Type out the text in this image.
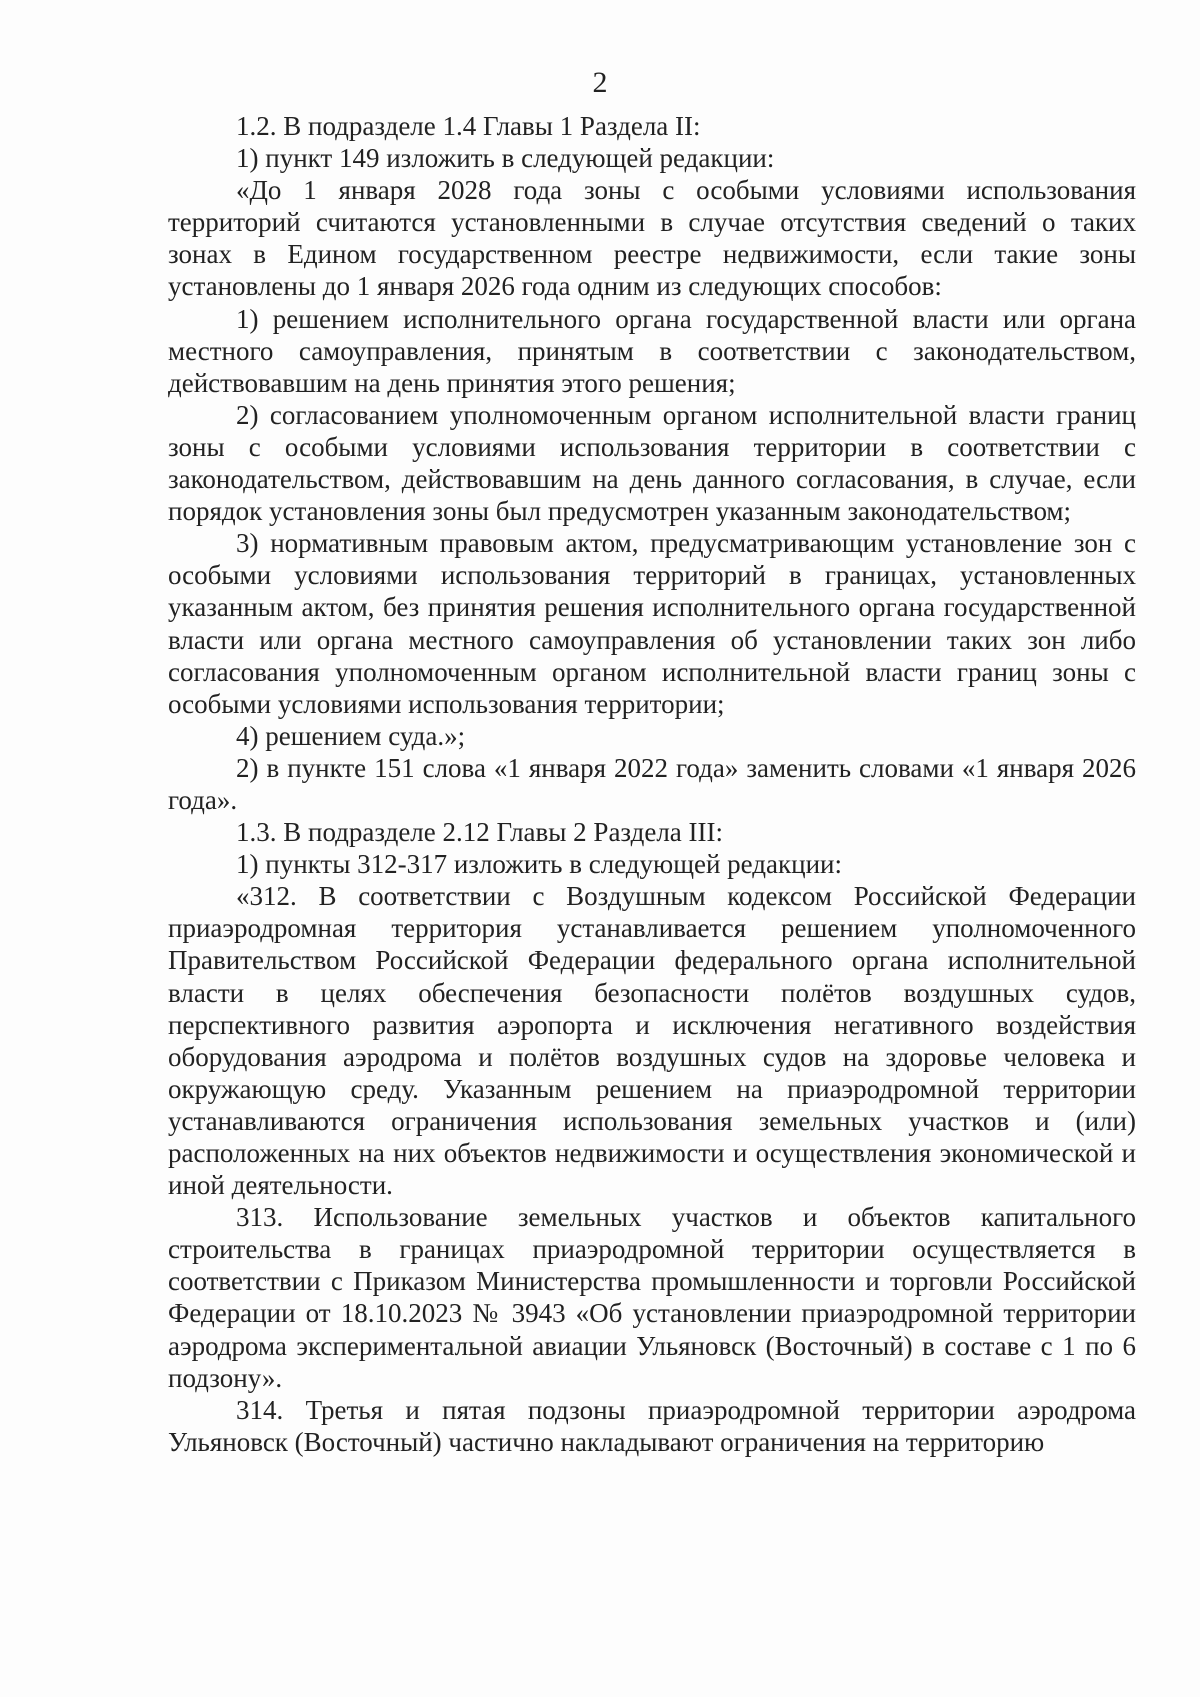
2

1.2. В подразделе 1.4 Главы 1 Раздела II:

1) пункт 149 изложить в следующей редакции:

«До 1 января 2028 года зоны с особыми условиями использования территорий считаются установленными в случае отсутствия сведений о таких зонах в Едином государственном реестре недвижимости, если такие зоны установлены до 1 января 2026 года одним из следующих способов:

1) решением исполнительного органа государственной власти или органа местного самоуправления, принятым в соответствии с законодательством, действовавшим на день принятия этого решения;

2) согласованием уполномоченным органом исполнительной власти границ зоны с особыми условиями использования территории в соответствии с законодательством, действовавшим на день данного согласования, в случае, если порядок установления зоны был предусмотрен указанным законодательством;

3) нормативным правовым актом, предусматривающим установление зон с особыми условиями использования территорий в границах, установленных указанным актом, без принятия решения исполнительного органа государственной власти или органа местного самоуправления об установлении таких зон либо согласования уполномоченным органом исполнительной власти границ зоны с особыми условиями использования территории;

4) решением суда.»;

2) в пункте 151 слова «1 января 2022 года» заменить словами «1 января 2026 года».

1.3. В подразделе 2.12 Главы 2 Раздела III:

1) пункты 312-317 изложить в следующей редакции:

«312. В соответствии с Воздушным кодексом Российской Федерации приаэродромная территория устанавливается решением уполномоченного Правительством Российской Федерации федерального органа исполнительной власти в целях обеспечения безопасности полётов воздушных судов, перспективного развития аэропорта и исключения негативного воздействия оборудования аэродрома и полётов воздушных судов на здоровье человека и окружающую среду. Указанным решением на приаэродромной территории устанавливаются ограничения использования земельных участков и (или) расположенных на них объектов недвижимости и осуществления экономической и иной деятельности.

313. Использование земельных участков и объектов капитального строительства в границах приаэродромной территории осуществляется в соответствии с Приказом Министерства промышленности и торговли Российской Федерации от 18.10.2023 № 3943 «Об установлении приаэродромной территории аэродрома экспериментальной авиации Ульяновск (Восточный) в составе с 1 по 6 подзону».

314. Третья и пятая подзоны приаэродромной территории аэродрома Ульяновск (Восточный) частично накладывают ограничения на территорию
